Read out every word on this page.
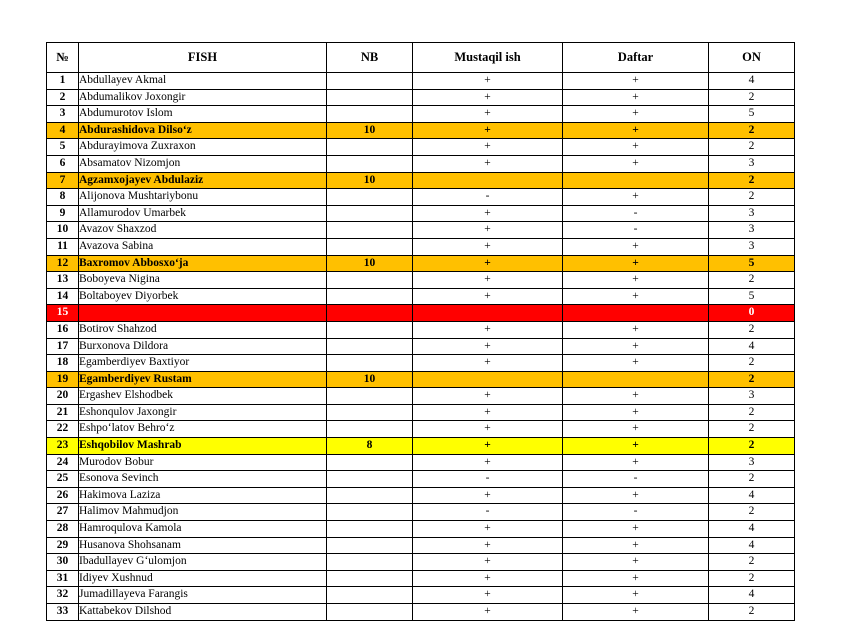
№	FISH	NB	Mustaqil ish	Daftar	ON
1	Abdullayev Akmal		+	+	4
2	Abdumalikov Joxongir		+	+	2
3	Abdumurotov Islom		+	+	5
4	Abdurashidova Dilso‘z	10	+	+	2
5	Abdurayimova Zuxraxon		+	+	2
6	Absamatov Nizomjon		+	+	3
7	Agzamxojayev Abdulaziz	10			2
8	Alijonova Mushtariybonu		-	+	2
9	Allamurodov Umarbek		+	-	3
10	Avazov Shaxzod		+	-	3
11	Avazova Sabina		+	+	3
12	Baxromov Abbosxo‘ja	10	+	+	5
13	Boboyeva Nigina		+	+	2
14	Boltaboyev Diyorbek		+	+	5
15			-	-	0
16	Botirov Shahzod		+	+	2
17	Burxonova Dildora		+	+	4
18	Egamberdiyev Baxtiyor		+	+	2
19	Egamberdiyev Rustam	10			2
20	Ergashev Elshodbek		+	+	3
21	Eshonqulov Jaxongir		+	+	2
22	Eshpo‘latov Behro‘z		+	+	2
23	Eshqobilov Mashrab	8	+	+	2
24	Murodov Bobur		+	+	3
25	Esonova Sevinch		-	-	2
26	Hakimova Laziza		+	+	4
27	Halimov Mahmudjon		-	-	2
28	Hamroqulova Kamola		+	+	4
29	Husanova Shohsanam		+	+	4
30	Ibadullayev G‘ulomjon		+	+	2
31	Idiyev Xushnud		+	+	2
32	Jumadillayeva Farangis		+	+	4
33	Kattabekov Dilshod		+	+	2
